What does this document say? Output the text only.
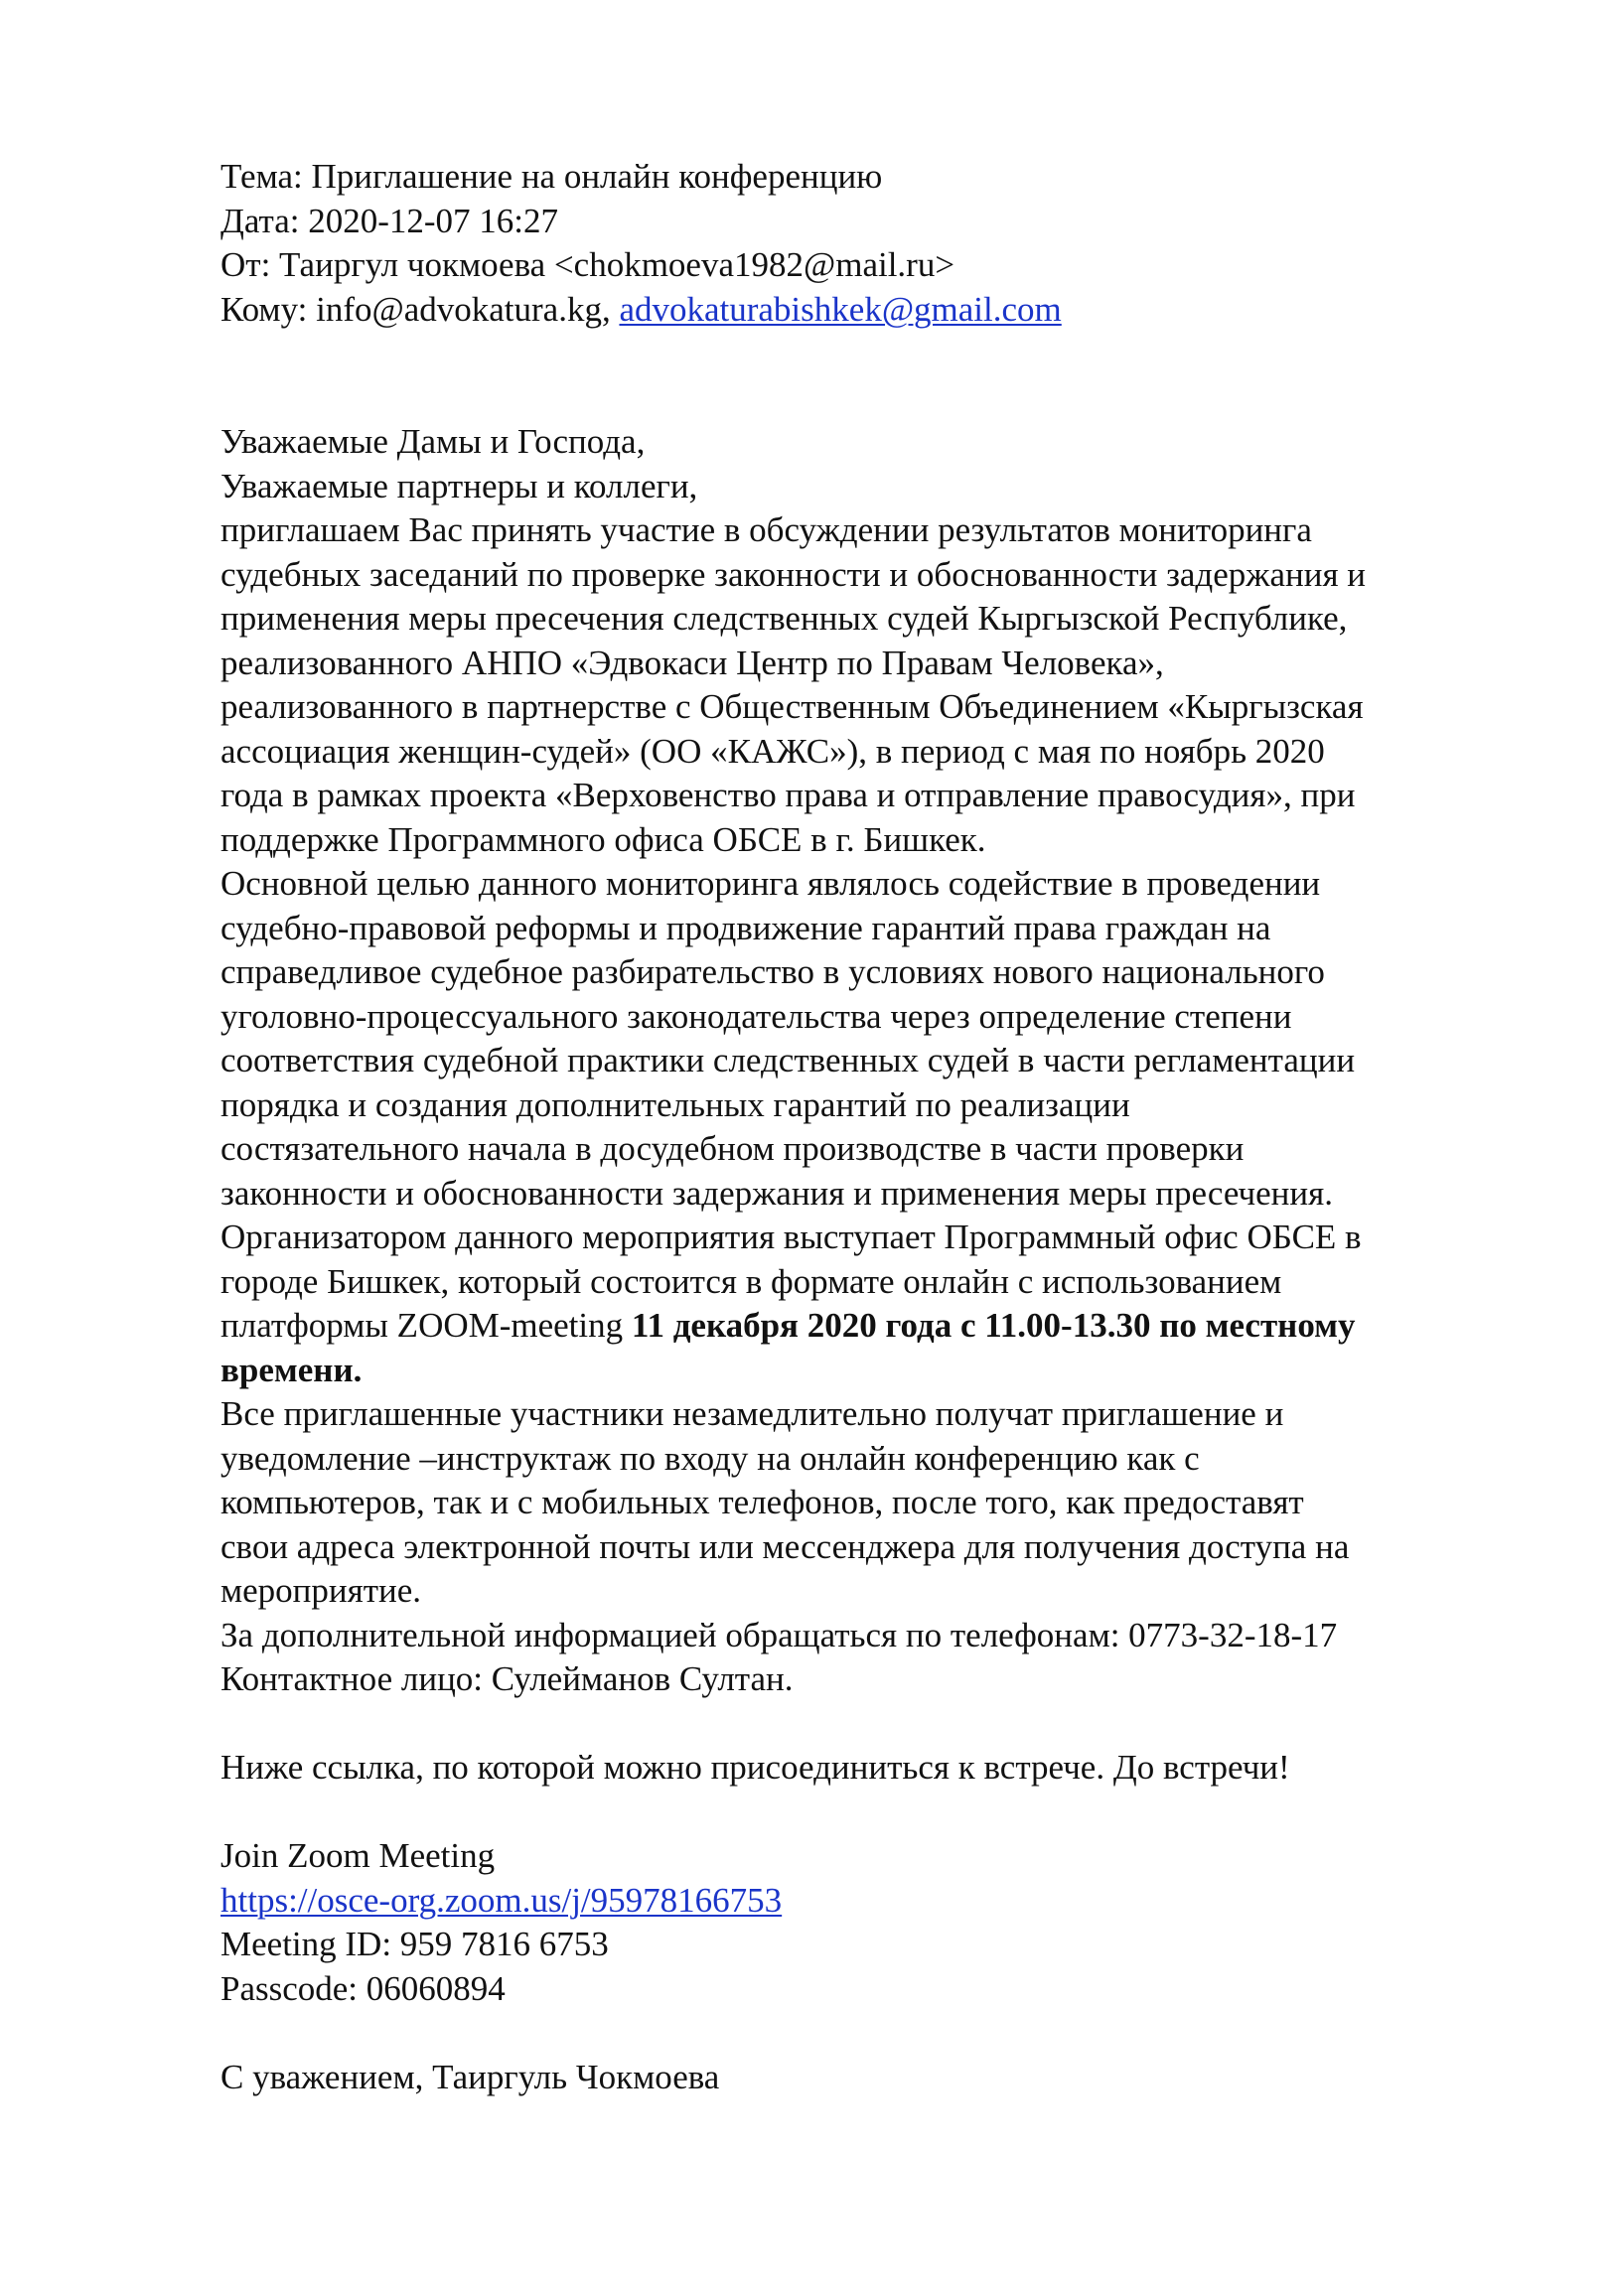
Тема: Приглашение на онлайн конференцию
Дата: 2020-12-07 16:27
От: Таиргул чокмоева <chokmoeva1982@mail.ru>
Кому: info@advokatura.kg, advokaturabishkek@gmail.com
Уважаемые Дамы и Господа,
Уважаемые партнеры и коллеги,
приглашаем Вас принять участие в обсуждении результатов мониторинга
судебных заседаний по проверке законности и обоснованности задержания и
применения меры пресечения следственных судей Кыргызской Республике,
реализованного АНПО «Эдвокаси Центр по Правам Человека»,
реализованного в партнерстве с Общественным Объединением «Кыргызская
ассоциация женщин-судей» (ОО «КАЖС»), в период с мая по ноябрь 2020
года в рамках проекта «Верховенство права и отправление правосудия», при
поддержке Программного офиса ОБСЕ в г. Бишкек.
Основной целью данного мониторинга являлось содействие в проведении
судебно-правовой реформы и продвижение гарантий права граждан на
справедливое судебное разбирательство в условиях нового национального
уголовно-процессуального законодательства через определение степени
соответствия судебной практики следственных судей в части регламентации
порядка и создания дополнительных гарантий по реализации
состязательного начала в досудебном производстве в части проверки
законности и обоснованности задержания и применения меры пресечения.
Организатором данного мероприятия выступает Программный офис ОБСЕ в
городе Бишкек, который состоится в формате онлайн с использованием
платформы ZOOM-meeting 11 декабря 2020 года с 11.00-13.30 по местному
времени.
Все приглашенные участники незамедлительно получат приглашение и
уведомление –инструктаж по входу на онлайн конференцию как с
компьютеров, так и с мобильных телефонов, после того, как предоставят
свои адреса электронной почты или мессенджера для получения доступа на
мероприятие.
За дополнительной информацией обращаться по телефонам: 0773-32-18-17
Контактное лицо: Сулейманов Султан.
Ниже ссылка, по которой можно присоединиться к встрече. До встречи!
Join Zoom Meeting
https://osce-org.zoom.us/j/95978166753
Meeting ID: 959 7816 6753
Passcode: 06060894
С уважением, Таиргуль Чокмоева
